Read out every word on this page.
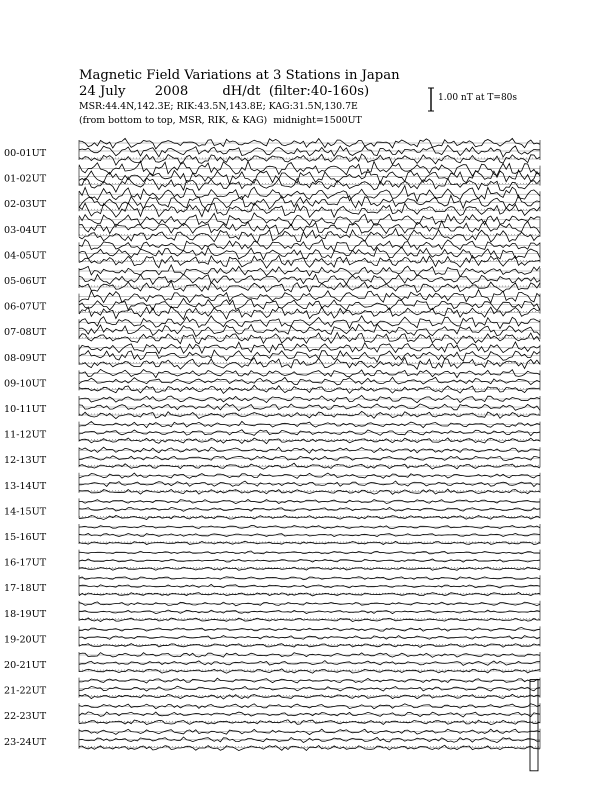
Magnetic Field Variations at 3 Stations in Japan
24 July       2008	dH/dt  (filter:40-160s)
MSR:44.4N,142.3E; RIK:43.5N,143.8E; KAG:31.5N,130.7E
(from bottom to top, MSR, RIK, & KAG) midnight=1500UT
1.00 nT at T=80s
00-01UT
01-02UT
02-03UT
03-04UT
04-05UT
05-06UT
06-07UT
07-08UT
08-09UT
09-10UT
10-11UT
11-12UT
12-13UT
13-14UT
14-15UT
15-16UT
16-17UT
17-18UT
18-19UT
19-20UT
20-21UT
21-22UT
22-23UT
23-24UT
